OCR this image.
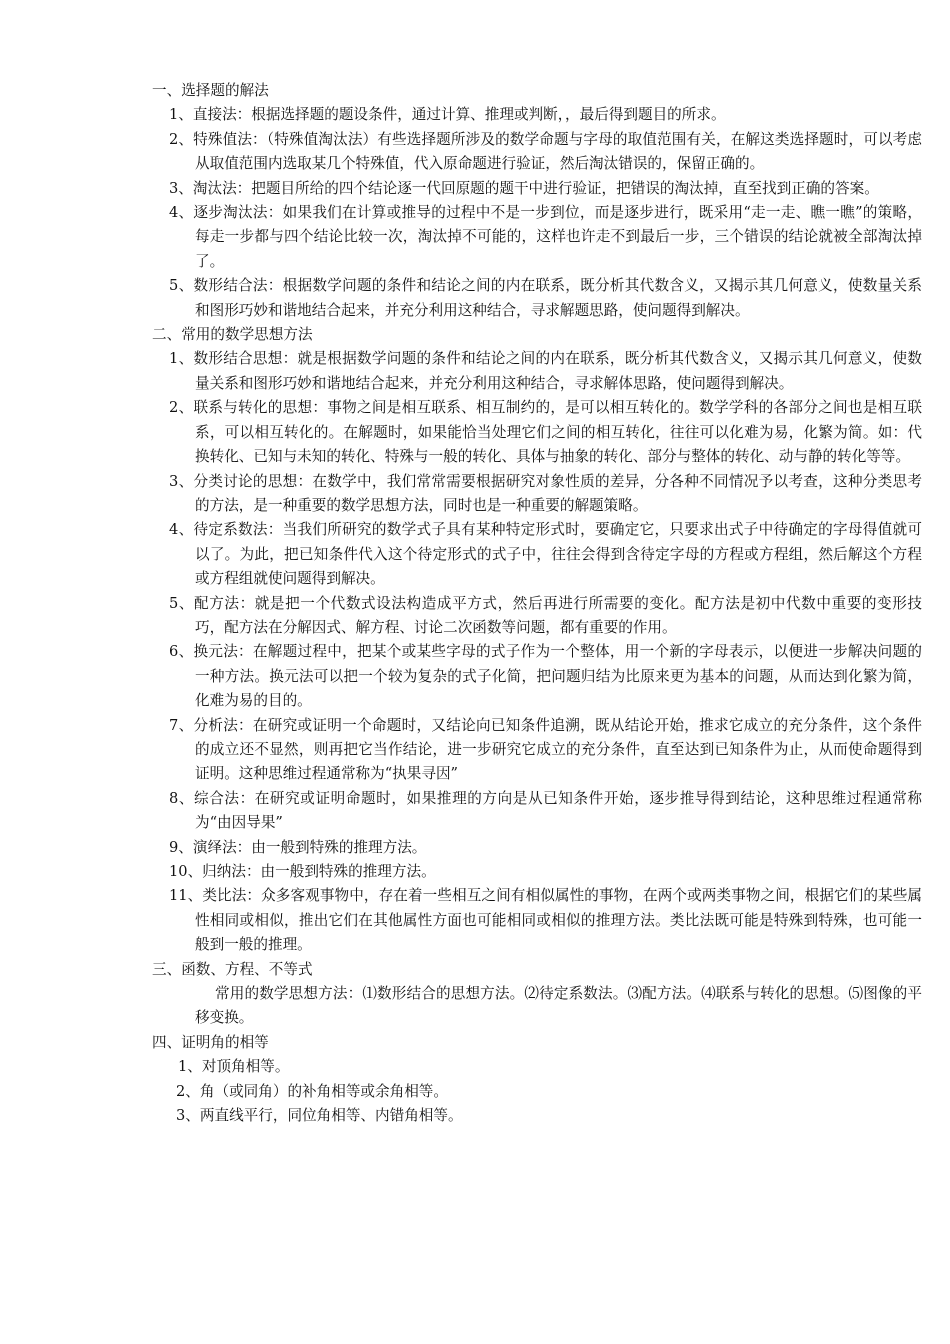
一、选择题的解法

1、直接法：根据选择题的题设条件，通过计算、推理或判断，，最后得到题目的所求。

2、特殊值法：（特殊值淘汰法）有些选择题所涉及的数学命题与字母的取值范围有关，在解这类选择题时，可以考虑从取值范围内选取某几个特殊值，代入原命题进行验证，然后淘汰错误的，保留正确的。

3、淘汰法：把题目所给的四个结论逐一代回原题的题干中进行验证，把错误的淘汰掉，直至找到正确的答案。

4、逐步淘汰法：如果我们在计算或推导的过程中不是一步到位，而是逐步进行，既采用“走一走、瞧一瞧”的策略，每走一步都与四个结论比较一次，淘汰掉不可能的，这样也许走不到最后一步，三个错误的结论就被全部淘汰掉了。

5、数形结合法：根据数学问题的条件和结论之间的内在联系，既分析其代数含义，又揭示其几何意义，使数量关系和图形巧妙和谐地结合起来，并充分利用这种结合，寻求解题思路，使问题得到解决。

二、常用的数学思想方法

1、数形结合思想：就是根据数学问题的条件和结论之间的内在联系，既分析其代数含义，又揭示其几何意义，使数量关系和图形巧妙和谐地结合起来，并充分利用这种结合，寻求解体思路，使问题得到解决。

2、联系与转化的思想：事物之间是相互联系、相互制约的，是可以相互转化的。数学学科的各部分之间也是相互联系，可以相互转化的。在解题时，如果能恰当处理它们之间的相互转化，往往可以化难为易，化繁为简。如：代换转化、已知与未知的转化、特殊与一般的转化、具体与抽象的转化、部分与整体的转化、动与静的转化等等。

3、分类讨论的思想：在数学中，我们常常需要根据研究对象性质的差异，分各种不同情况予以考查，这种分类思考的方法，是一种重要的数学思想方法，同时也是一种重要的解题策略。

4、待定系数法：当我们所研究的数学式子具有某种特定形式时，要确定它，只要求出式子中待确定的字母得值就可以了。为此，把已知条件代入这个待定形式的式子中，往往会得到含待定字母的方程或方程组，然后解这个方程或方程组就使问题得到解决。

5、配方法：就是把一个代数式设法构造成平方式，然后再进行所需要的变化。配方法是初中代数中重要的变形技巧，配方法在分解因式、解方程、讨论二次函数等问题，都有重要的作用。

6、换元法：在解题过程中，把某个或某些字母的式子作为一个整体，用一个新的字母表示，以便进一步解决问题的一种方法。换元法可以把一个较为复杂的式子化简，把问题归结为比原来更为基本的问题，从而达到化繁为简，化难为易的目的。

7、分析法：在研究或证明一个命题时，又结论向已知条件追溯，既从结论开始，推求它成立的充分条件，这个条件的成立还不显然，则再把它当作结论，进一步研究它成立的充分条件，直至达到已知条件为止，从而使命题得到证明。这种思维过程通常称为“执果寻因”

8、综合法：在研究或证明命题时，如果推理的方向是从已知条件开始，逐步推导得到结论，这种思维过程通常称为“由因导果”

9、演绎法：由一般到特殊的推理方法。

10、归纳法：由一般到特殊的推理方法。

11、类比法：众多客观事物中，存在着一些相互之间有相似属性的事物，在两个或两类事物之间，根据它们的某些属性相同或相似，推出它们在其他属性方面也可能相同或相似的推理方法。类比法既可能是特殊到特殊，也可能一般到一般的推理。

三、函数、方程、不等式

常用的数学思想方法：⑴数形结合的思想方法。⑵待定系数法。⑶配方法。⑷联系与转化的思想。⑸图像的平移变换。

四、证明角的相等

1、对顶角相等。

2、角（或同角）的补角相等或余角相等。

3、两直线平行，同位角相等、内错角相等。
